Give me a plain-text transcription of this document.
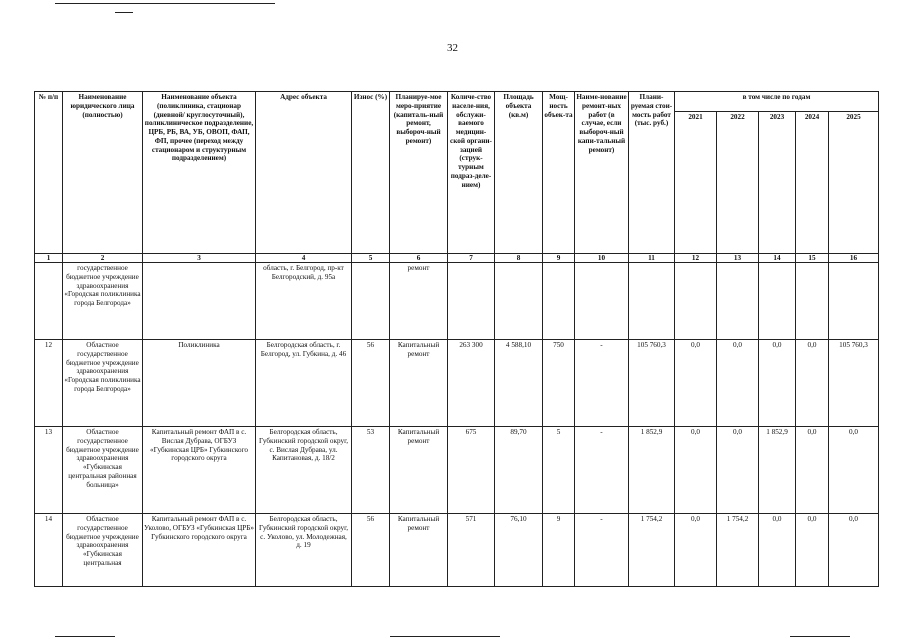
32
№ п/п	Наименование юридического лица (полностью)	Наименование объекта (поликлиника, стационар (дневной/ круглосуточный), поликлиническое подразделение, ЦРБ, РБ, ВА, УБ, ОВОП, ФАП, ФП, прочее (переход между стационаром и структурным подразделением)	Адрес объекта	Износ (%)	Планируе-мое меро-приятие (капиталь-ный ремонт, выбороч-ный ремонт)	Количе-ство населе-ния, обслужи-ваемого медицин-ской органи-зацией (струк-турным подраз-деле-нием)	Площадь объекта (кв.м)	Мощ-ность объек-та	Наиме-нование ремонт-ных работ (в случае, если выбороч-ный капи-тальный ремонт)	Плани-руемая стои-мость работ (тыс. руб.)	в том числе по годам				
											2021	2022	2023	2024	2025
1	2	3	4	5	6	7	8	9	10	11	12	13	14	15	16
	государственное бюджетное учреждение здравоохранения «Городская поликлиника города Белгорода»		область, г. Белгород, пр-кт Белгородский, д. 95а		ремонт										
12	Областное государственное бюджетное учреждение здравоохранения «Городская поликлиника города Белгорода»	Поликлиника	Белгородская область, г. Белгород, ул. Губкина, д. 46	56	Капитальный ремонт	263 300	4 588,10	750	-	105 760,3	0,0	0,0	0,0	0,0	105 760,3
13	Областное государственное бюджетное учреждение здравоохранения «Губкинская центральная районная больница»	Капитальный ремонт ФАП в с. Вислая Дубрава, ОГБУЗ «Губкинская ЦРБ» Губкинского городского округа	Белгородская область, Губкинский городской округ, с. Вислая Дубрава, ул. Капитановая, д. 18/2	53	Капитальный ремонт	675	89,70	5	-	1 852,9	0,0	0,0	1 852,9	0,0	0,0
14	Областное государственное бюджетное учреждение здравоохранения «Губкинская центральная	Капитальный ремонт ФАП в с. Уколово, ОГБУЗ «Губкинская ЦРБ» Губкинского городского округа	Белгородская область, Губкинский городской округ, с. Уколово, ул. Молодежная, д. 19	56	Капитальный ремонт	571	76,10	9	-	1 754,2	0,0	1 754,2	0,0	0,0	0,0
